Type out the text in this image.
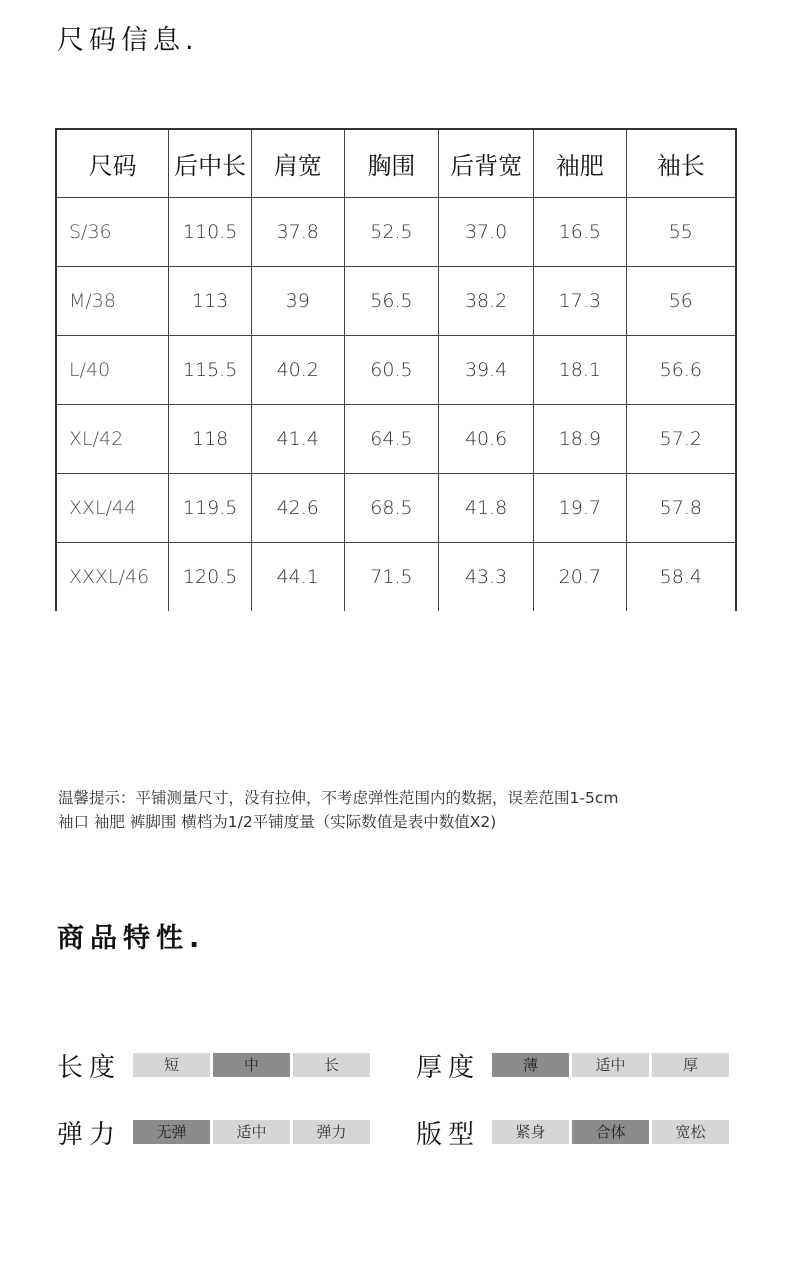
尺码信息.
尺码	后中长	肩宽	胸围	后背宽	袖肥	袖长
S/36	110.5	37.8	52.5	37.0	16.5	55
M/38	113	39	56.5	38.2	17.3	56
L/40	115.5	40.2	60.5	39.4	18.1	56.6
XL/42	118	41.4	64.5	40.6	18.9	57.2
XXL/44	119.5	42.6	68.5	41.8	19.7	57.8
XXXL/46	120.5	44.1	71.5	43.3	20.7	58.4
温馨提示：平铺测量尺寸，没有拉伸，不考虑弹性范围内的数据，误差范围1-5cm
袖口 袖肥 裤脚围 横档为1/2平铺度量（实际数值是表中数值X2)
商品特性.
长度	短	中	长	厚度	薄	适中	厚
弹力	无弹	适中	弹力	版型	紧身	合体	宽松
